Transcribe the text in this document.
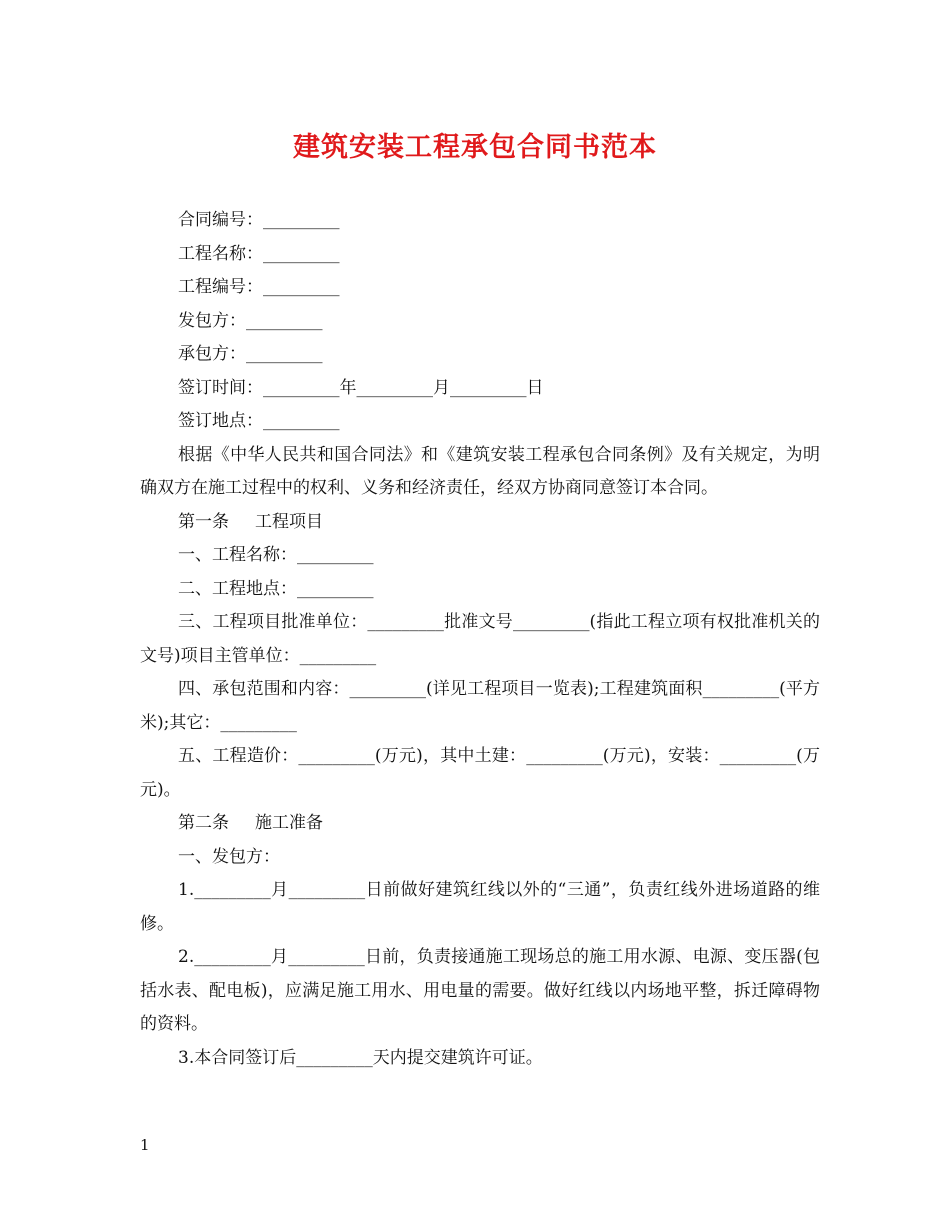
建筑安装工程承包合同书范本

合同编号：_________

工程名称：_________

工程编号：_________

发包方：_________

承包方：_________

签订时间：_________年_________月_________日

签订地点：_________

根据《中华人民共和国合同法》和《建筑安装工程承包合同条例》及有关规定，为明确双方在施工过程中的权利、义务和经济责任，经双方协商同意签订本合同。

第一条 工程项目

一、工程名称：_________

二、工程地点：_________

三、工程项目批准单位：_________批准文号_________(指此工程立项有权批准机关的文号)项目主管单位：_________

四、承包范围和内容：_________(详见工程项目一览表);工程建筑面积_________(平方米);其它：_________

五、工程造价：_________(万元)，其中土建：_________(万元)，安装：_________(万元)。

第二条 施工准备

一、发包方：

1._________月_________日前做好建筑红线以外的“三通”，负责红线外进场道路的维修。

2._________月_________日前，负责接通施工现场总的施工用水源、电源、变压器(包括水表、配电板)，应满足施工用水、用电量的需要。做好红线以内场地平整，拆迁障碍物的资料。

3.本合同签订后_________天内提交建筑许可证。

1
